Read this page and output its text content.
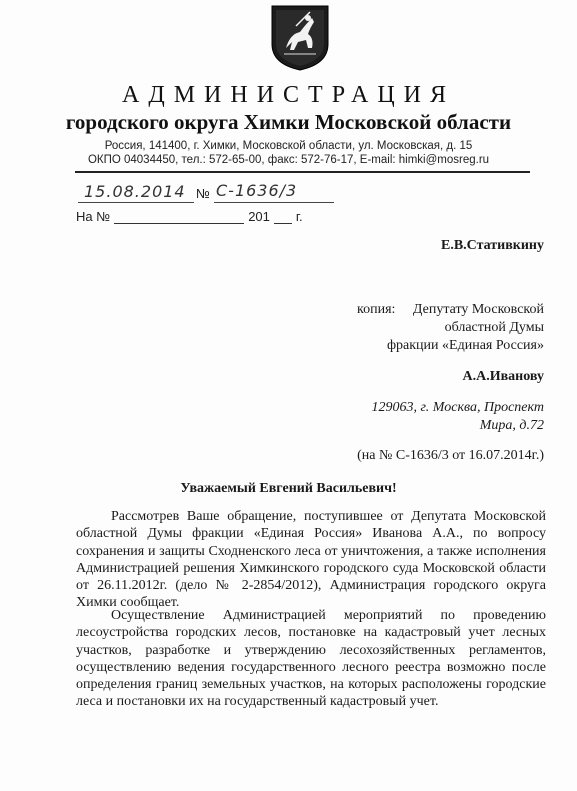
АДМИНИСТРАЦИЯ
городского округа Химки Московской области
Россия, 141400, г. Химки, Московской области, ул. Московская, д. 15
ОКПО 04034450, тел.: 572-65-00, факс: 572-76-17, E-mail: himki@mosreg.ru
15.08.2014 № С-1636/3
На №	201 г.
Е.В.Стативкину
копия: Депутату Московской
областной Думы
фракции «Единая Россия»
А.А.Иванову
129063, г. Москва, Проспект
Мира, д.72
(на № С-1636/3 от 16.07.2014г.)
Уважаемый Евгений Васильевич!

Рассмотрев Ваше обращение, поступившее от Депутата Московской областной Думы фракции «Единая Россия» Иванова А.А., по вопросу сохранения и защиты Сходненского леса от уничтожения, а также исполнения Администрацией решения Химкинского городского суда Московской области от 26.11.2012г. (дело № 2-2854/2012), Администрация городского округа Химки сообщает.

Осуществление Администрацией мероприятий по проведению лесоустройства городских лесов, постановке на кадастровый учет лесных участков, разработке и утверждению лесохозяйственных регламентов, осуществлению ведения государственного лесного реестра возможно после определения границ земельных участков, на которых расположены городские леса и постановки их на государственный кадастровый учет.
